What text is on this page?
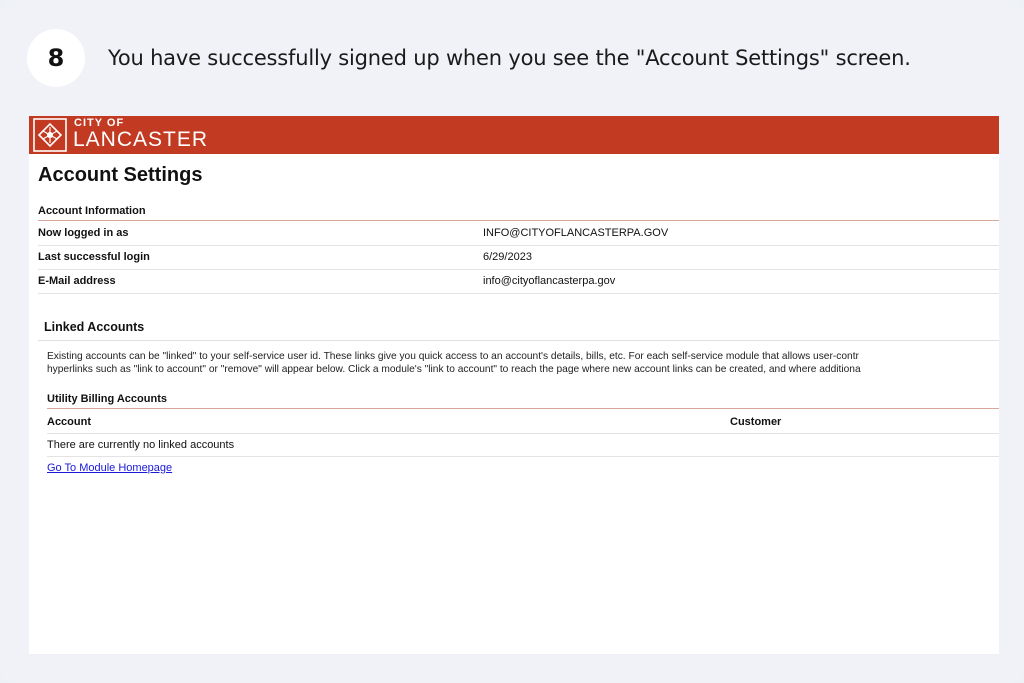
8	You have successfully signed up when you see the "Account Settings" screen.
CITY OF
LANCASTER
Account Settings
Account Information
Now logged in as	INFO@CITYOFLANCASTERPA.GOV
Last successful login	6/29/2023
E-Mail address	info@cityoflancasterpa.gov
Linked Accounts
Existing accounts can be "linked" to your self-service user id. These links give you quick access to an account's details, bills, etc. For each self-service module that allows user-contr
hyperlinks such as "link to account" or "remove" will appear below. Click a module's "link to account" to reach the page where new account links can be created, and where additiona
Utility Billing Accounts
Account	Customer
There are currently no linked accounts
Go To Module Homepage
